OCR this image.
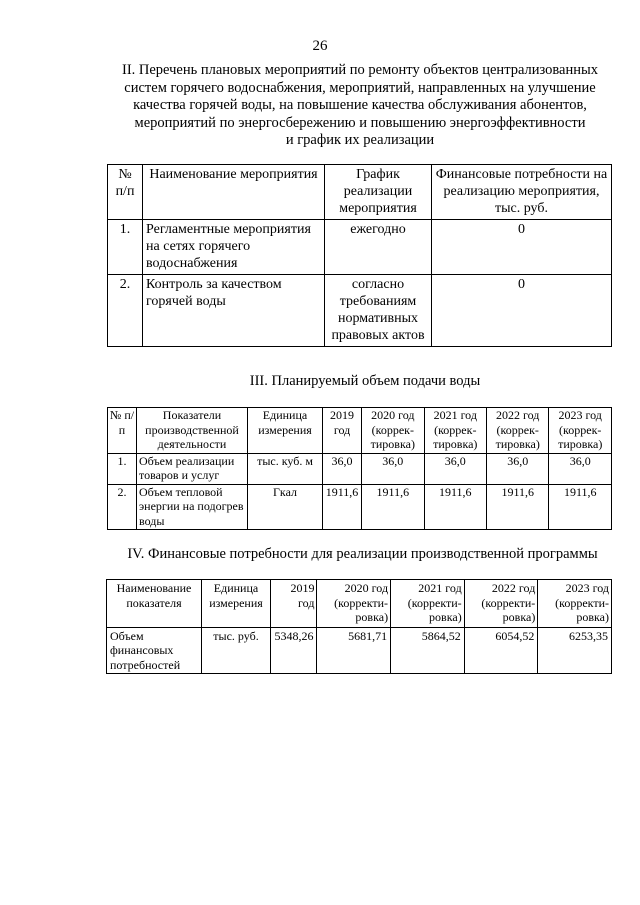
26
II. Перечень плановых мероприятий по ремонту объектов централизованных
систем горячего водоснабжения, мероприятий, направленных на улучшение
качества горячей воды, на повышение качества обслуживания абонентов,
мероприятий по энергосбережению и повышению энергоэффективности
и график их реализации
№ п/п	Наименование мероприятия	График реализации мероприятия	Финансовые потребности на реализацию мероприятия, тыс. руб.
1.	Регламентные мероприятия на сетях горячего водоснабжения	ежегодно	0
2.	Контроль за качеством горячей воды	согласно требованиям нормативных правовых актов	0
III. Планируемый объем подачи воды
№ п/п	Показатели производственной деятельности	Единица измерения	2019 год	2020 год (коррек-тировка)	2021 год (коррек-тировка)	2022 год (коррек-тировка)	2023 год (коррек-тировка)
1.	Объем реализации товаров и услуг	тыс. куб. м	36,0	36,0	36,0	36,0	36,0
2.	Объем тепловой энергии на подогрев воды	Гкал	1911,6	1911,6	1911,6	1911,6	1911,6
IV. Финансовые потребности для реализации производственной программы
Наименование показателя	Единица измерения	2019 год	2020 год (корректи-ровка)	2021 год (корректи-ровка)	2022 год (корректи-ровка)	2023 год (корректи-ровка)
Объем финансовых потребностей	тыс. руб.	5348,26	5681,71	5864,52	6054,52	6253,35
